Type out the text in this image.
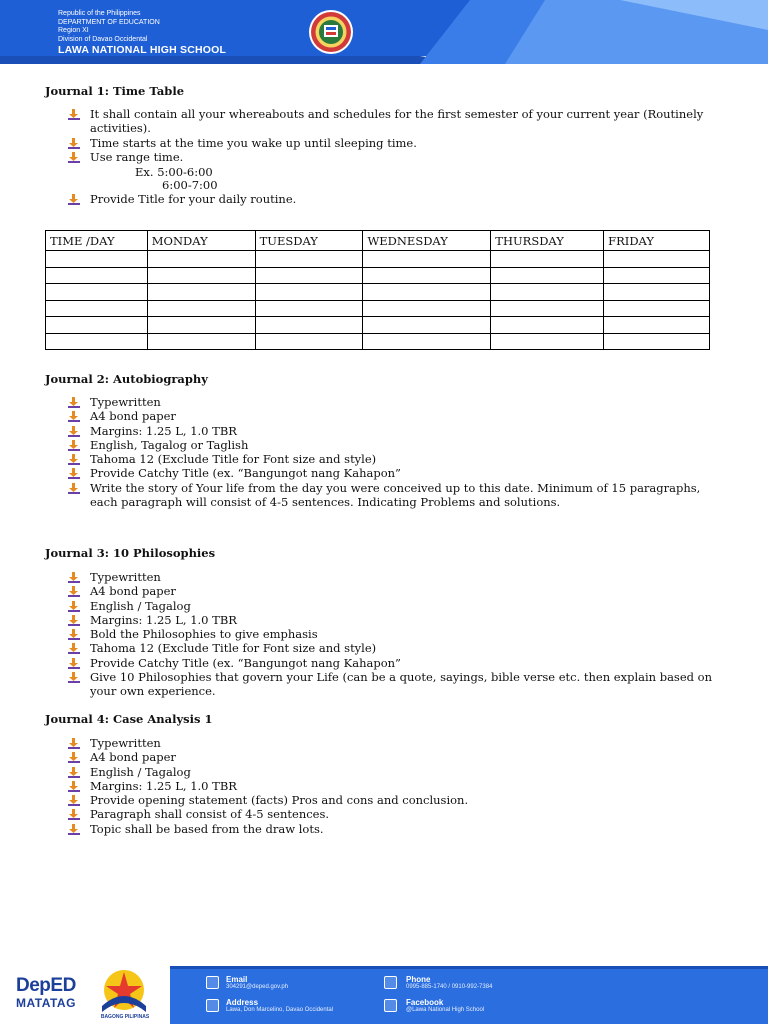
Republic of the Philippines
DEPARTMENT OF EDUCATION
Region XI
Division of Davao Occidental
LAWA NATIONAL HIGH SCHOOL
Journal 1: Time Table
It shall contain all your whereabouts and schedules for the first semester of your current year (Routinely activities).
Time starts at the time you wake up until sleeping time.
Use range time.
Ex. 5:00-6:00
6:00-7:00
Provide Title for your daily routine.
TIME /DAY	MONDAY	TUESDAY	WEDNESDAY	THURSDAY	FRIDAY

Journal 2: Autobiography
Typewritten
A4 bond paper
Margins: 1.25 L, 1.0 TBR
English, Tagalog or Taglish
Tahoma 12 (Exclude Title for Font size and style)
Provide Catchy Title (ex. “Bangungot nang Kahapon”
Write the story of Your life from the day you were conceived up to this date. Minimum of 15 paragraphs, each paragraph will consist of 4-5 sentences. Indicating Problems and solutions.
Journal 3: 10 Philosophies
Typewritten
A4 bond paper
English / Tagalog
Margins: 1.25 L, 1.0 TBR
Bold the Philosophies to give emphasis
Tahoma 12 (Exclude Title for Font size and style)
Provide Catchy Title (ex. “Bangungot nang Kahapon”
Give 10 Philosophies that govern your Life (can be a quote, sayings, bible verse etc. then explain based on your own experience.
Journal 4: Case Analysis 1
Typewritten
A4 bond paper
English / Tagalog
Margins: 1.25 L, 1.0 TBR
Provide opening statement (facts) Pros and cons and conclusion.
Paragraph shall consist of 4-5 sentences.
Topic shall be based from the draw lots.
DepED
MATATAG
BAGONG PILIPINAS
Email
304291@deped.gov.ph
Address
Lawa, Don Marcelino, Davao Occidental
Phone
0995-885-1740 / 0910-992-7384
Facebook
@Lawa National High School
